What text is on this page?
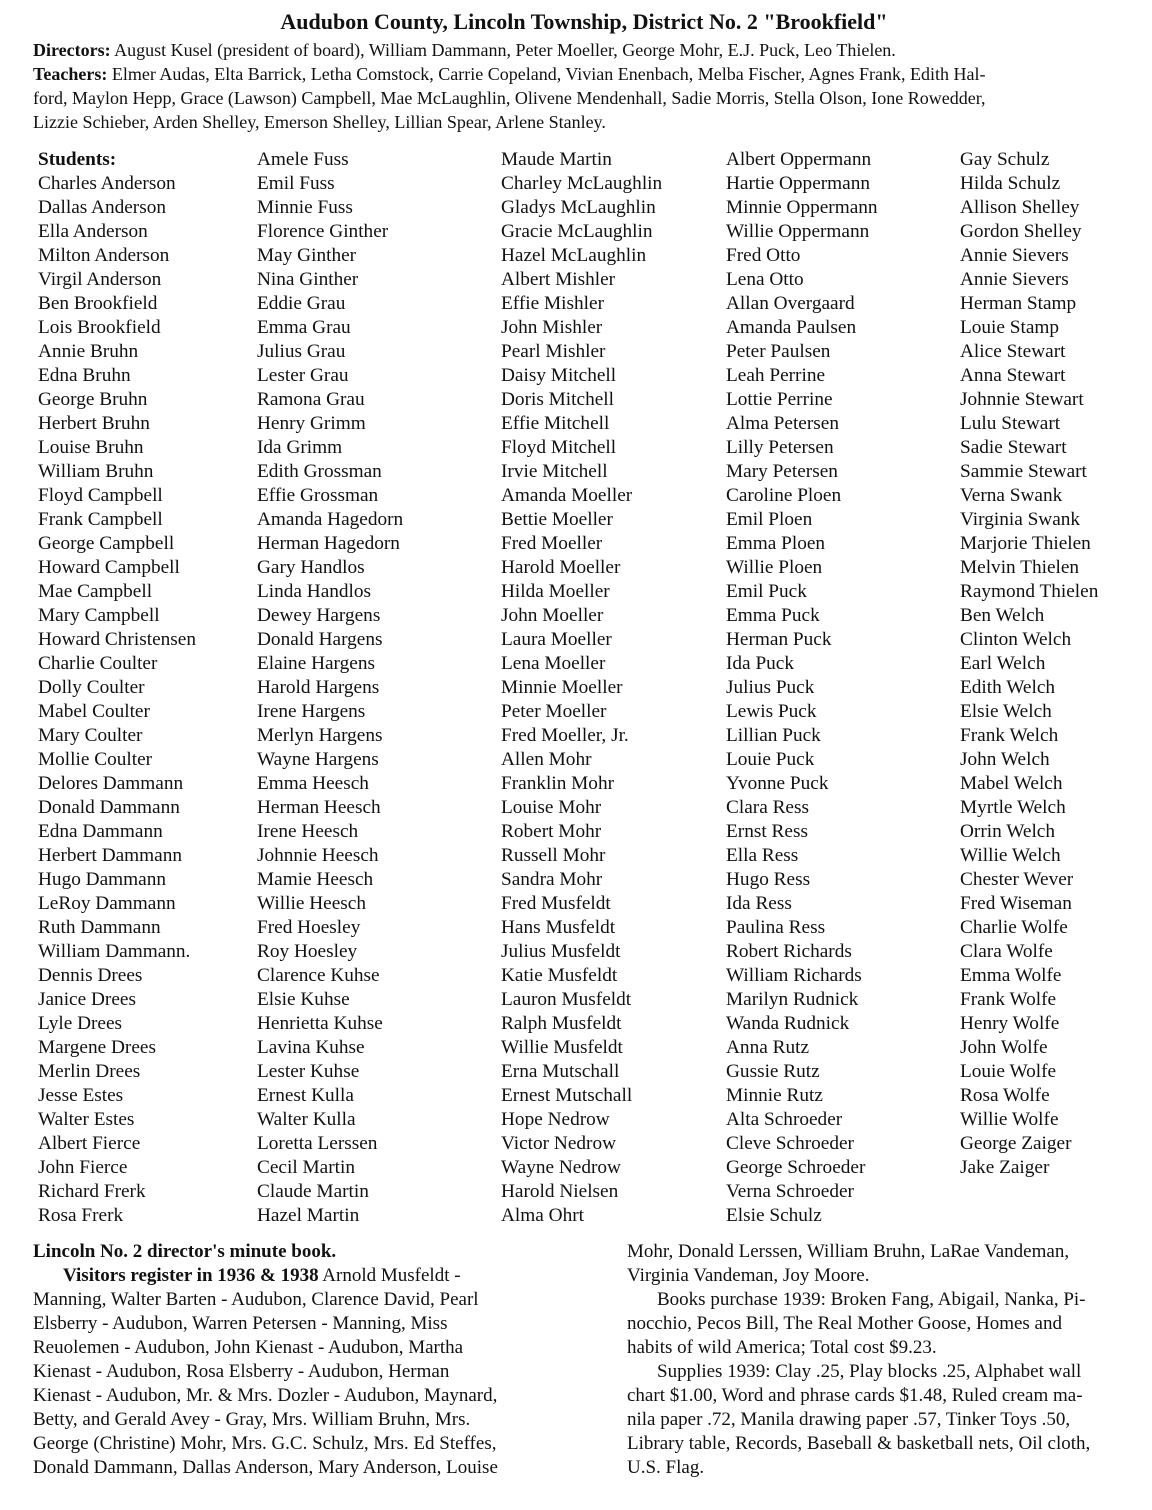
Audubon County, Lincoln Township, District No. 2 "Brookfield"

Directors: August Kusel (president of board), William Dammann, Peter Moeller, George Mohr, E.J. Puck, Leo Thielen.

Teachers: Elmer Audas, Elta Barrick, Letha Comstock, Carrie Copeland, Vivian Enenbach, Melba Fischer, Agnes Frank, Edith Hal-
ford, Maylon Hepp, Grace (Lawson) Campbell, Mae McLaughlin, Olivene Mendenhall, Sadie Morris, Stella Olson, Ione Rowedder,
Lizzie Schieber, Arden Shelley, Emerson Shelley, Lillian Spear, Arlene Stanley.
Students:
Charles Anderson
Dallas Anderson
Ella Anderson
Milton Anderson
Virgil Anderson
Ben Brookfield
Lois Brookfield
Annie Bruhn
Edna Bruhn
George Bruhn
Herbert Bruhn
Louise Bruhn
William Bruhn
Floyd Campbell
Frank Campbell
George Campbell
Howard Campbell
Mae Campbell
Mary Campbell
Howard Christensen
Charlie Coulter
Dolly Coulter
Mabel Coulter
Mary Coulter
Mollie Coulter
Delores Dammann
Donald Dammann
Edna Dammann
Herbert Dammann
Hugo Dammann
LeRoy Dammann
Ruth Dammann
William Dammann.
Dennis Drees
Janice Drees
Lyle Drees
Margene Drees
Merlin Drees
Jesse Estes
Walter Estes
Albert Fierce
John Fierce
Richard Frerk
Rosa Frerk
Amele Fuss
Emil Fuss
Minnie Fuss
Florence Ginther
May Ginther
Nina Ginther
Eddie Grau
Emma Grau
Julius Grau
Lester Grau
Ramona Grau
Henry Grimm
Ida Grimm
Edith Grossman
Effie Grossman
Amanda Hagedorn
Herman Hagedorn
Gary Handlos
Linda Handlos
Dewey Hargens
Donald Hargens
Elaine Hargens
Harold Hargens
Irene Hargens
Merlyn Hargens
Wayne Hargens
Emma Heesch
Herman Heesch
Irene Heesch
Johnnie Heesch
Mamie Heesch
Willie Heesch
Fred Hoesley
Roy Hoesley
Clarence Kuhse
Elsie Kuhse
Henrietta Kuhse
Lavina Kuhse
Lester Kuhse
Ernest Kulla
Walter Kulla
Loretta Lerssen
Cecil Martin
Claude Martin
Hazel Martin
Maude Martin
Charley McLaughlin
Gladys McLaughlin
Gracie McLaughlin
Hazel McLaughlin
Albert Mishler
Effie Mishler
John Mishler
Pearl Mishler
Daisy Mitchell
Doris Mitchell
Effie Mitchell
Floyd Mitchell
Irvie Mitchell
Amanda Moeller
Bettie Moeller
Fred Moeller
Harold Moeller
Hilda Moeller
John Moeller
Laura Moeller
Lena Moeller
Minnie Moeller
Peter Moeller
Fred Moeller, Jr.
Allen Mohr
Franklin Mohr
Louise Mohr
Robert Mohr
Russell Mohr
Sandra Mohr
Fred Musfeldt
Hans Musfeldt
Julius Musfeldt
Katie Musfeldt
Lauron Musfeldt
Ralph Musfeldt
Willie Musfeldt
Erna Mutschall
Ernest Mutschall
Hope Nedrow
Victor Nedrow
Wayne Nedrow
Harold Nielsen
Alma Ohrt
Albert Oppermann
Hartie Oppermann
Minnie Oppermann
Willie Oppermann
Fred Otto
Lena Otto
Allan Overgaard
Amanda Paulsen
Peter Paulsen
Leah Perrine
Lottie Perrine
Alma Petersen
Lilly Petersen
Mary Petersen
Caroline Ploen
Emil Ploen
Emma Ploen
Willie Ploen
Emil Puck
Emma Puck
Herman Puck
Ida Puck
Julius Puck
Lewis Puck
Lillian Puck
Louie Puck
Yvonne Puck
Clara Ress
Ernst Ress
Ella Ress
Hugo Ress
Ida Ress
Paulina Ress
Robert Richards
William Richards
Marilyn Rudnick
Wanda Rudnick
Anna Rutz
Gussie Rutz
Minnie Rutz
Alta Schroeder
Cleve Schroeder
George Schroeder
Verna Schroeder
Elsie Schulz
Gay Schulz
Hilda Schulz
Allison Shelley
Gordon Shelley
Annie Sievers
Annie Sievers
Herman Stamp
Louie Stamp
Alice Stewart
Anna Stewart
Johnnie Stewart
Lulu Stewart
Sadie Stewart
Sammie Stewart
Verna Swank
Virginia Swank
Marjorie Thielen
Melvin Thielen
Raymond Thielen
Ben Welch
Clinton Welch
Earl Welch
Edith Welch
Elsie Welch
Frank Welch
John Welch
Mabel Welch
Myrtle Welch
Orrin Welch
Willie Welch
Chester Wever
Fred Wiseman
Charlie Wolfe
Clara Wolfe
Emma Wolfe
Frank Wolfe
Henry Wolfe
John Wolfe
Louie Wolfe
Rosa Wolfe
Willie Wolfe
George Zaiger
Jake Zaiger
Lincoln No. 2 director's minute book.
Visitors register in 1936 & 1938 Arnold Musfeldt -
Manning, Walter Barten - Audubon, Clarence David, Pearl
Elsberry - Audubon, Warren Petersen - Manning, Miss
Reuolemen - Audubon, John Kienast - Audubon, Martha
Kienast - Audubon, Rosa Elsberry - Audubon, Herman
Kienast - Audubon, Mr. & Mrs. Dozler - Audubon, Maynard,
Betty, and Gerald Avey - Gray, Mrs. William Bruhn, Mrs.
George (Christine) Mohr, Mrs. G.C. Schulz, Mrs. Ed Steffes,
Donald Dammann, Dallas Anderson, Mary Anderson, Louise
Mohr, Donald Lerssen, William Bruhn, LaRae Vandeman,
Virginia Vandeman, Joy Moore.
Books purchase 1939: Broken Fang, Abigail, Nanka, Pi-
nocchio, Pecos Bill, The Real Mother Goose, Homes and
habits of wild America; Total cost $9.23.
Supplies 1939: Clay .25, Play blocks .25, Alphabet wall
chart $1.00, Word and phrase cards $1.48, Ruled cream ma-
nila paper .72, Manila drawing paper .57, Tinker Toys .50,
Library table, Records, Baseball & basketball nets, Oil cloth,
U.S. Flag.
